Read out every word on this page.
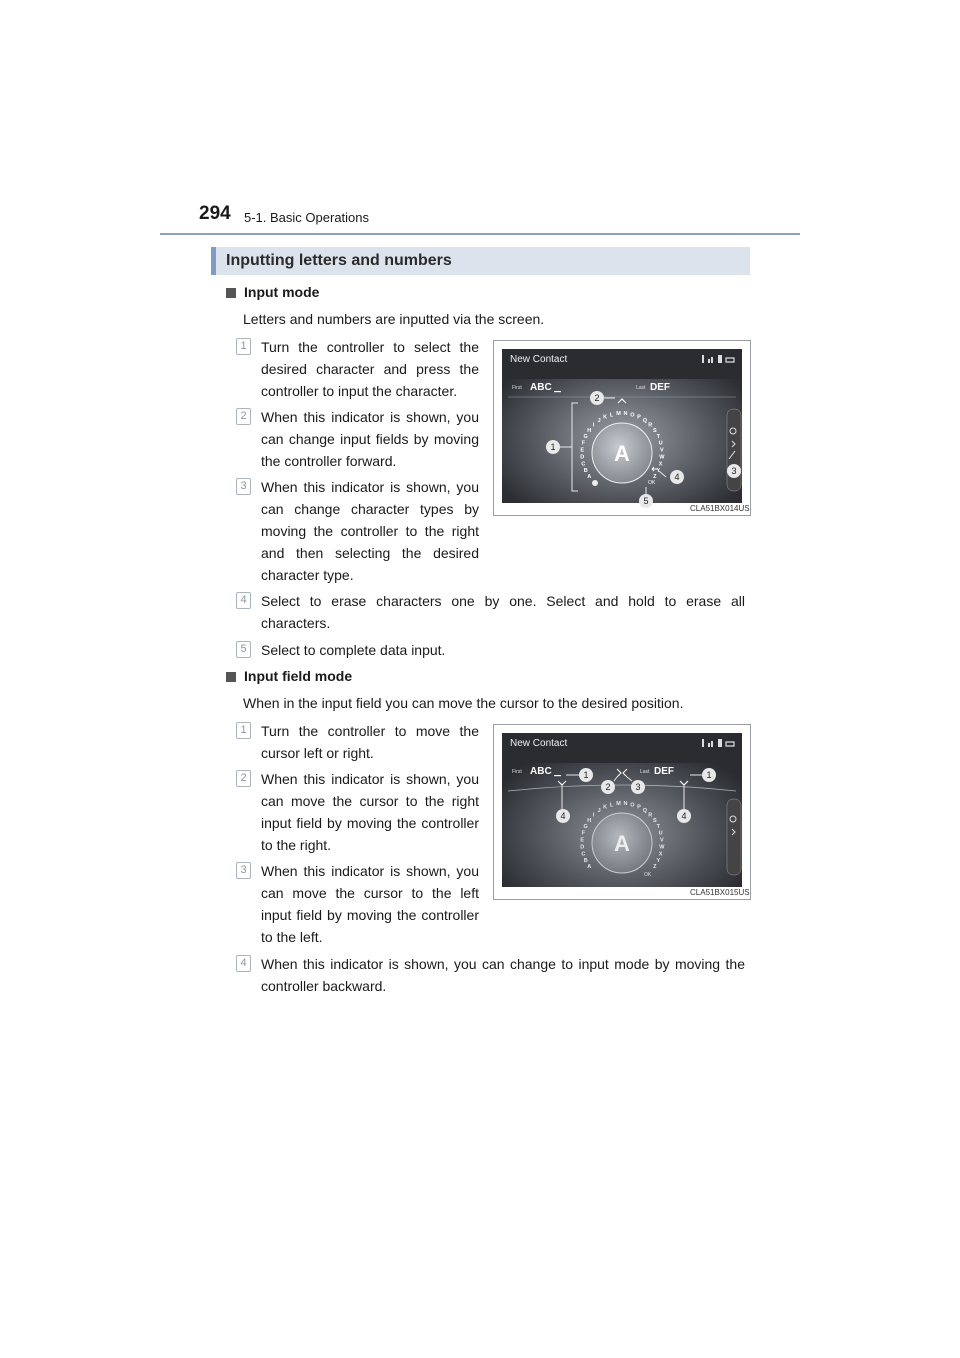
294 5-1. Basic Operations
Inputting letters and numbers
Input mode
Letters and numbers are inputted via the screen.
1	Turn the controller to select the desired character and press the controller to input the character.
2	When this indicator is shown, you can change input fields by moving the controller forward.
3	When this indicator is shown, you can change character types by moving the controller to the right and then selecting the desired character type.
4	Select to erase characters one by one. Select and hold to erase all characters.
5	Select to complete data input.
New Contact
First ABC	Last DEF
A
B
C
D
E
F
G
H
I
J
K L M N O P
Q
R
S
T
U
V
W
X
Y
Z
A
OK
1
2
3
4
5
CLA51BX014US
Input field mode
When in the input field you can move the cursor to the desired position.
1	Turn the controller to move the cursor left or right.
2	When this indicator is shown, you can move the cursor to the right input field by moving the controller to the right.
3	When this indicator is shown, you can move the cursor to the left input field by moving the controller to the left.
4	When this indicator is shown, you can change to input mode by moving the controller backward.
New Contact
First ABC	Last DEF
A
B
C
D
E
F
G
H
I
J
K L M N O P
Q
R
S
T
U
V
W
X
Y
Z
A
OK
1	1
2	3
4	4
CLA51BX015US
